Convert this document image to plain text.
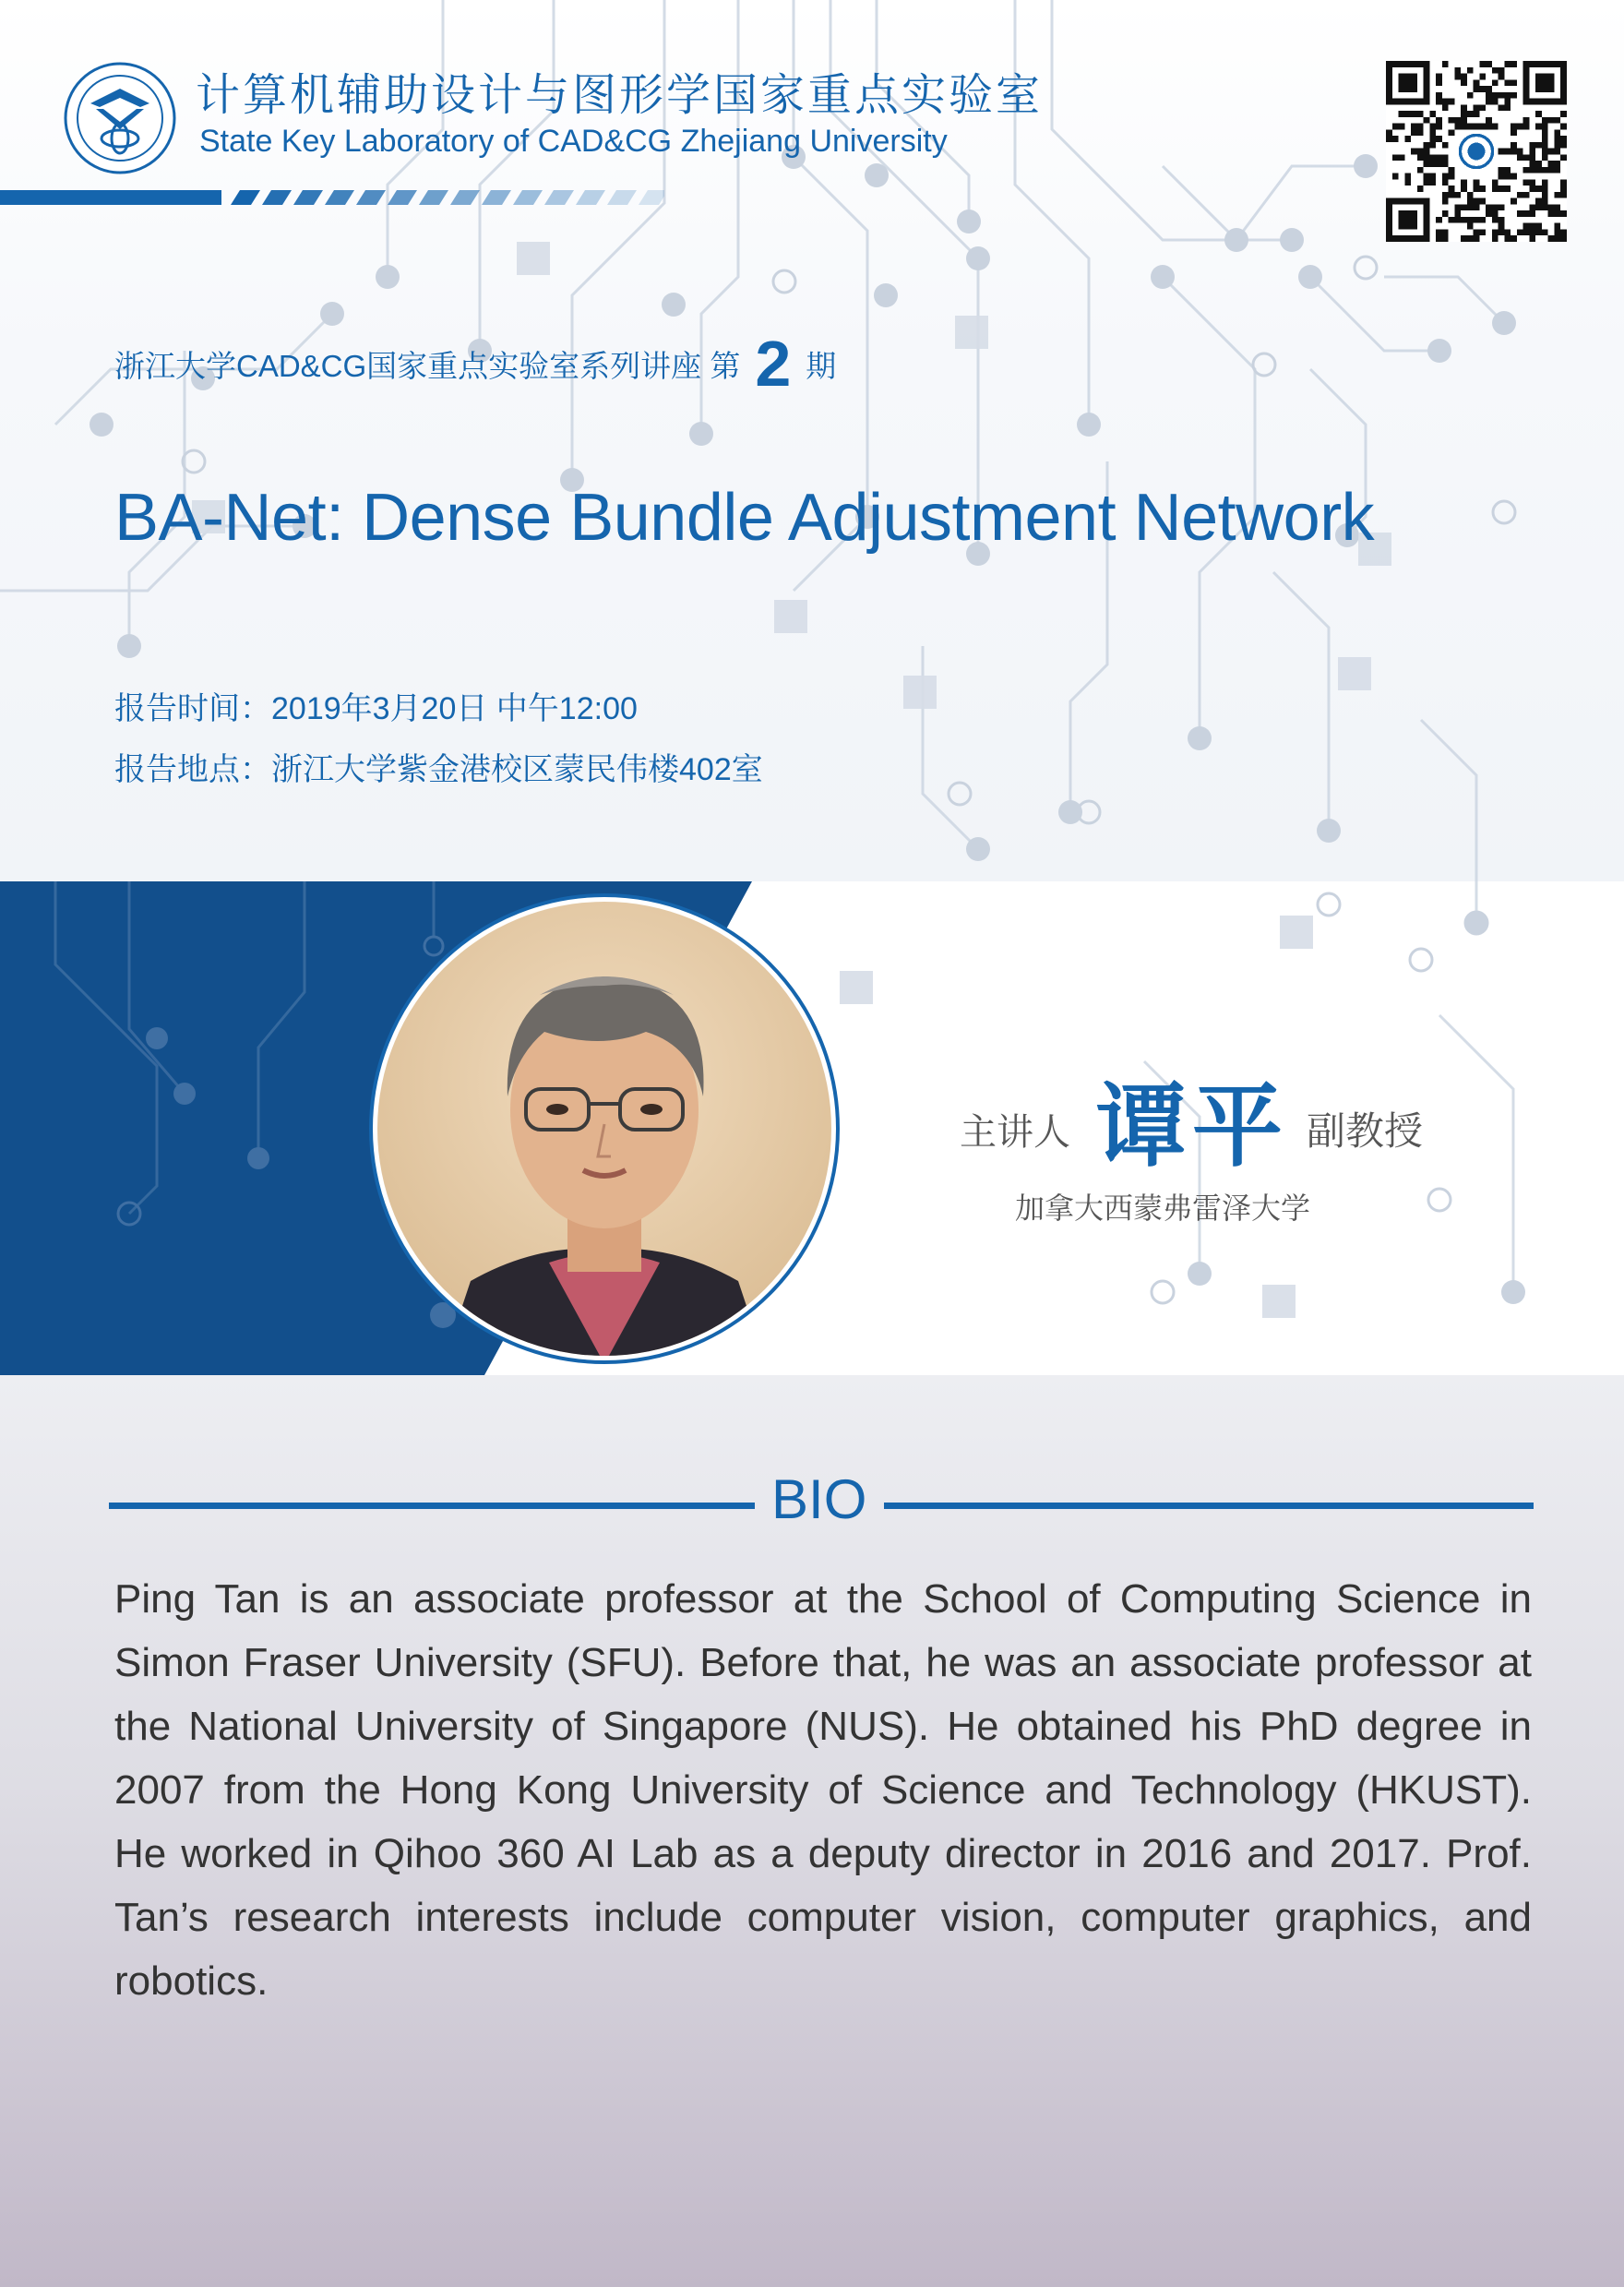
计算机辅助设计与图形学国家重点实验室
State Key Laboratory of CAD&CG Zhejiang University
浙江大学CAD&CG国家重点实验室系列讲座 第 2 期
BA-Net: Dense Bundle Adjustment Network
报告时间：2019年3月20日 中午12:00
报告地点：浙江大学紫金港校区蒙民伟楼402室
主讲人 谭平 副教授
加拿大西蒙弗雷泽大学
BIO
Ping Tan is an associate professor at the School of Computing Science in
Simon Fraser University (SFU). Before that, he was an associate professor at
the National University of Singapore (NUS). He obtained his PhD degree in
2007 from the Hong Kong University of Science and Technology (HKUST).
He worked in Qihoo 360 AI Lab as a deputy director in 2016 and 2017. Prof.
Tan’s research interests include computer vision, computer graphics, and
robotics.
